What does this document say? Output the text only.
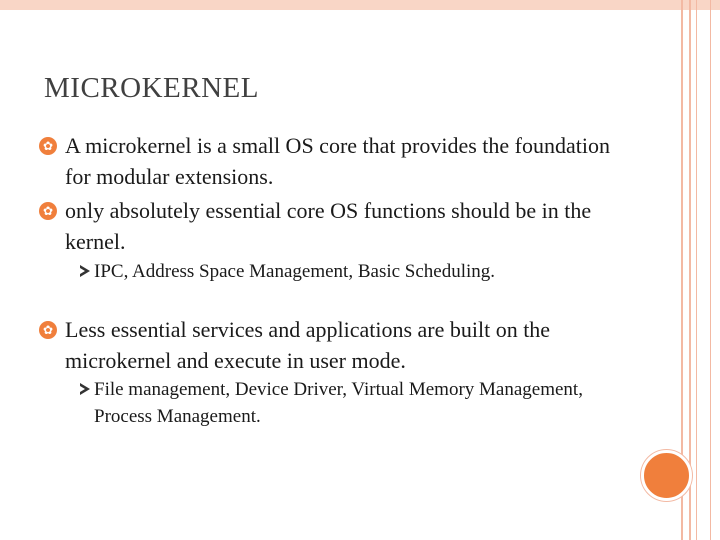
MICROKERNEL
✿ A microkernel is a small OS core that provides the foundation for modular extensions.
✿ only absolutely essential core OS functions should be in the kernel.
IPC, Address Space Management, Basic Scheduling.
✿ Less essential services and applications are built on the microkernel and execute in user mode.
File management, Device Driver, Virtual Memory Management, Process Management.
